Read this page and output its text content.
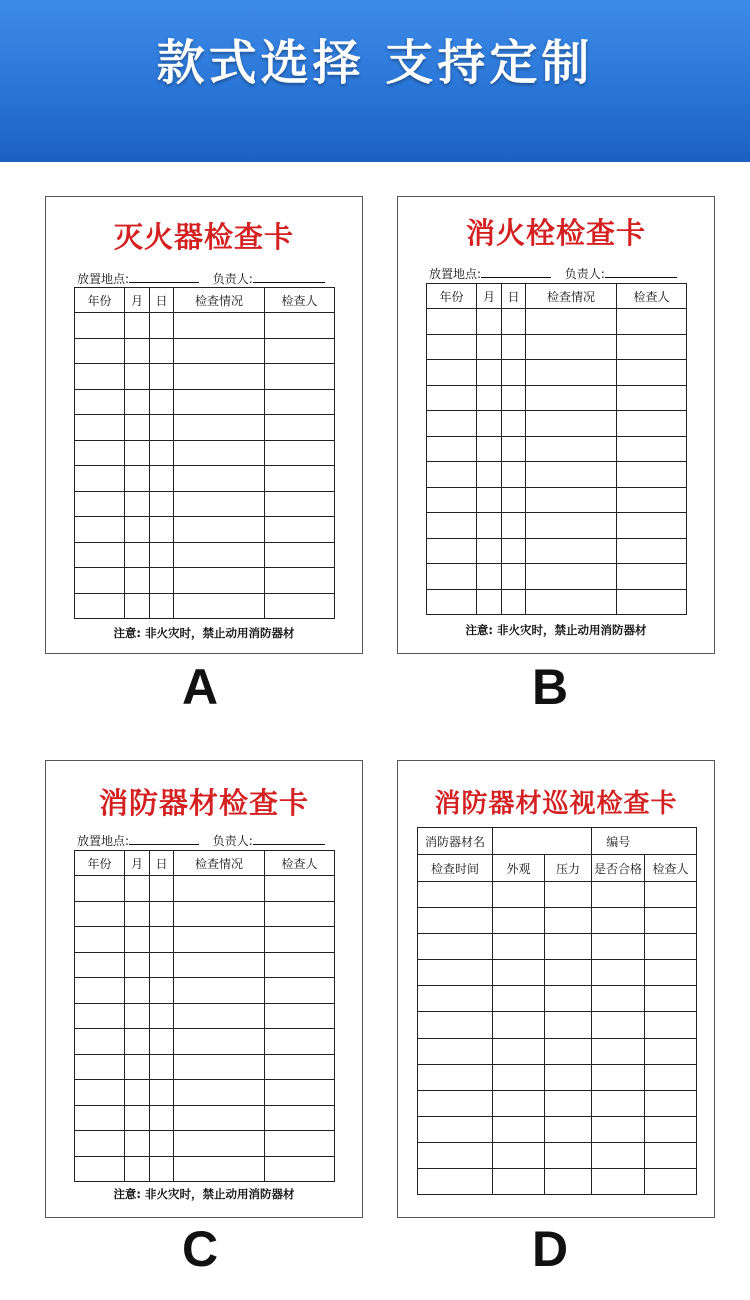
款式选择 支持定制
灭火器检查卡
放置地点:	负责人:
年份	月	日	检查情况	检查人

注意: 非火灾时，禁止动用消防器材
消火栓检查卡
放置地点:	负责人:
年份	月	日	检查情况	检查人

注意: 非火灾时，禁止动用消防器材
消防器材检查卡
放置地点:	负责人:
年份	月	日	检查情况	检查人

注意: 非火灾时，禁止动用消防器材
消防器材巡视检查卡
消防器材名			编号	
检查时间	外观	压力	是否合格	检查人

A	B
C	D
